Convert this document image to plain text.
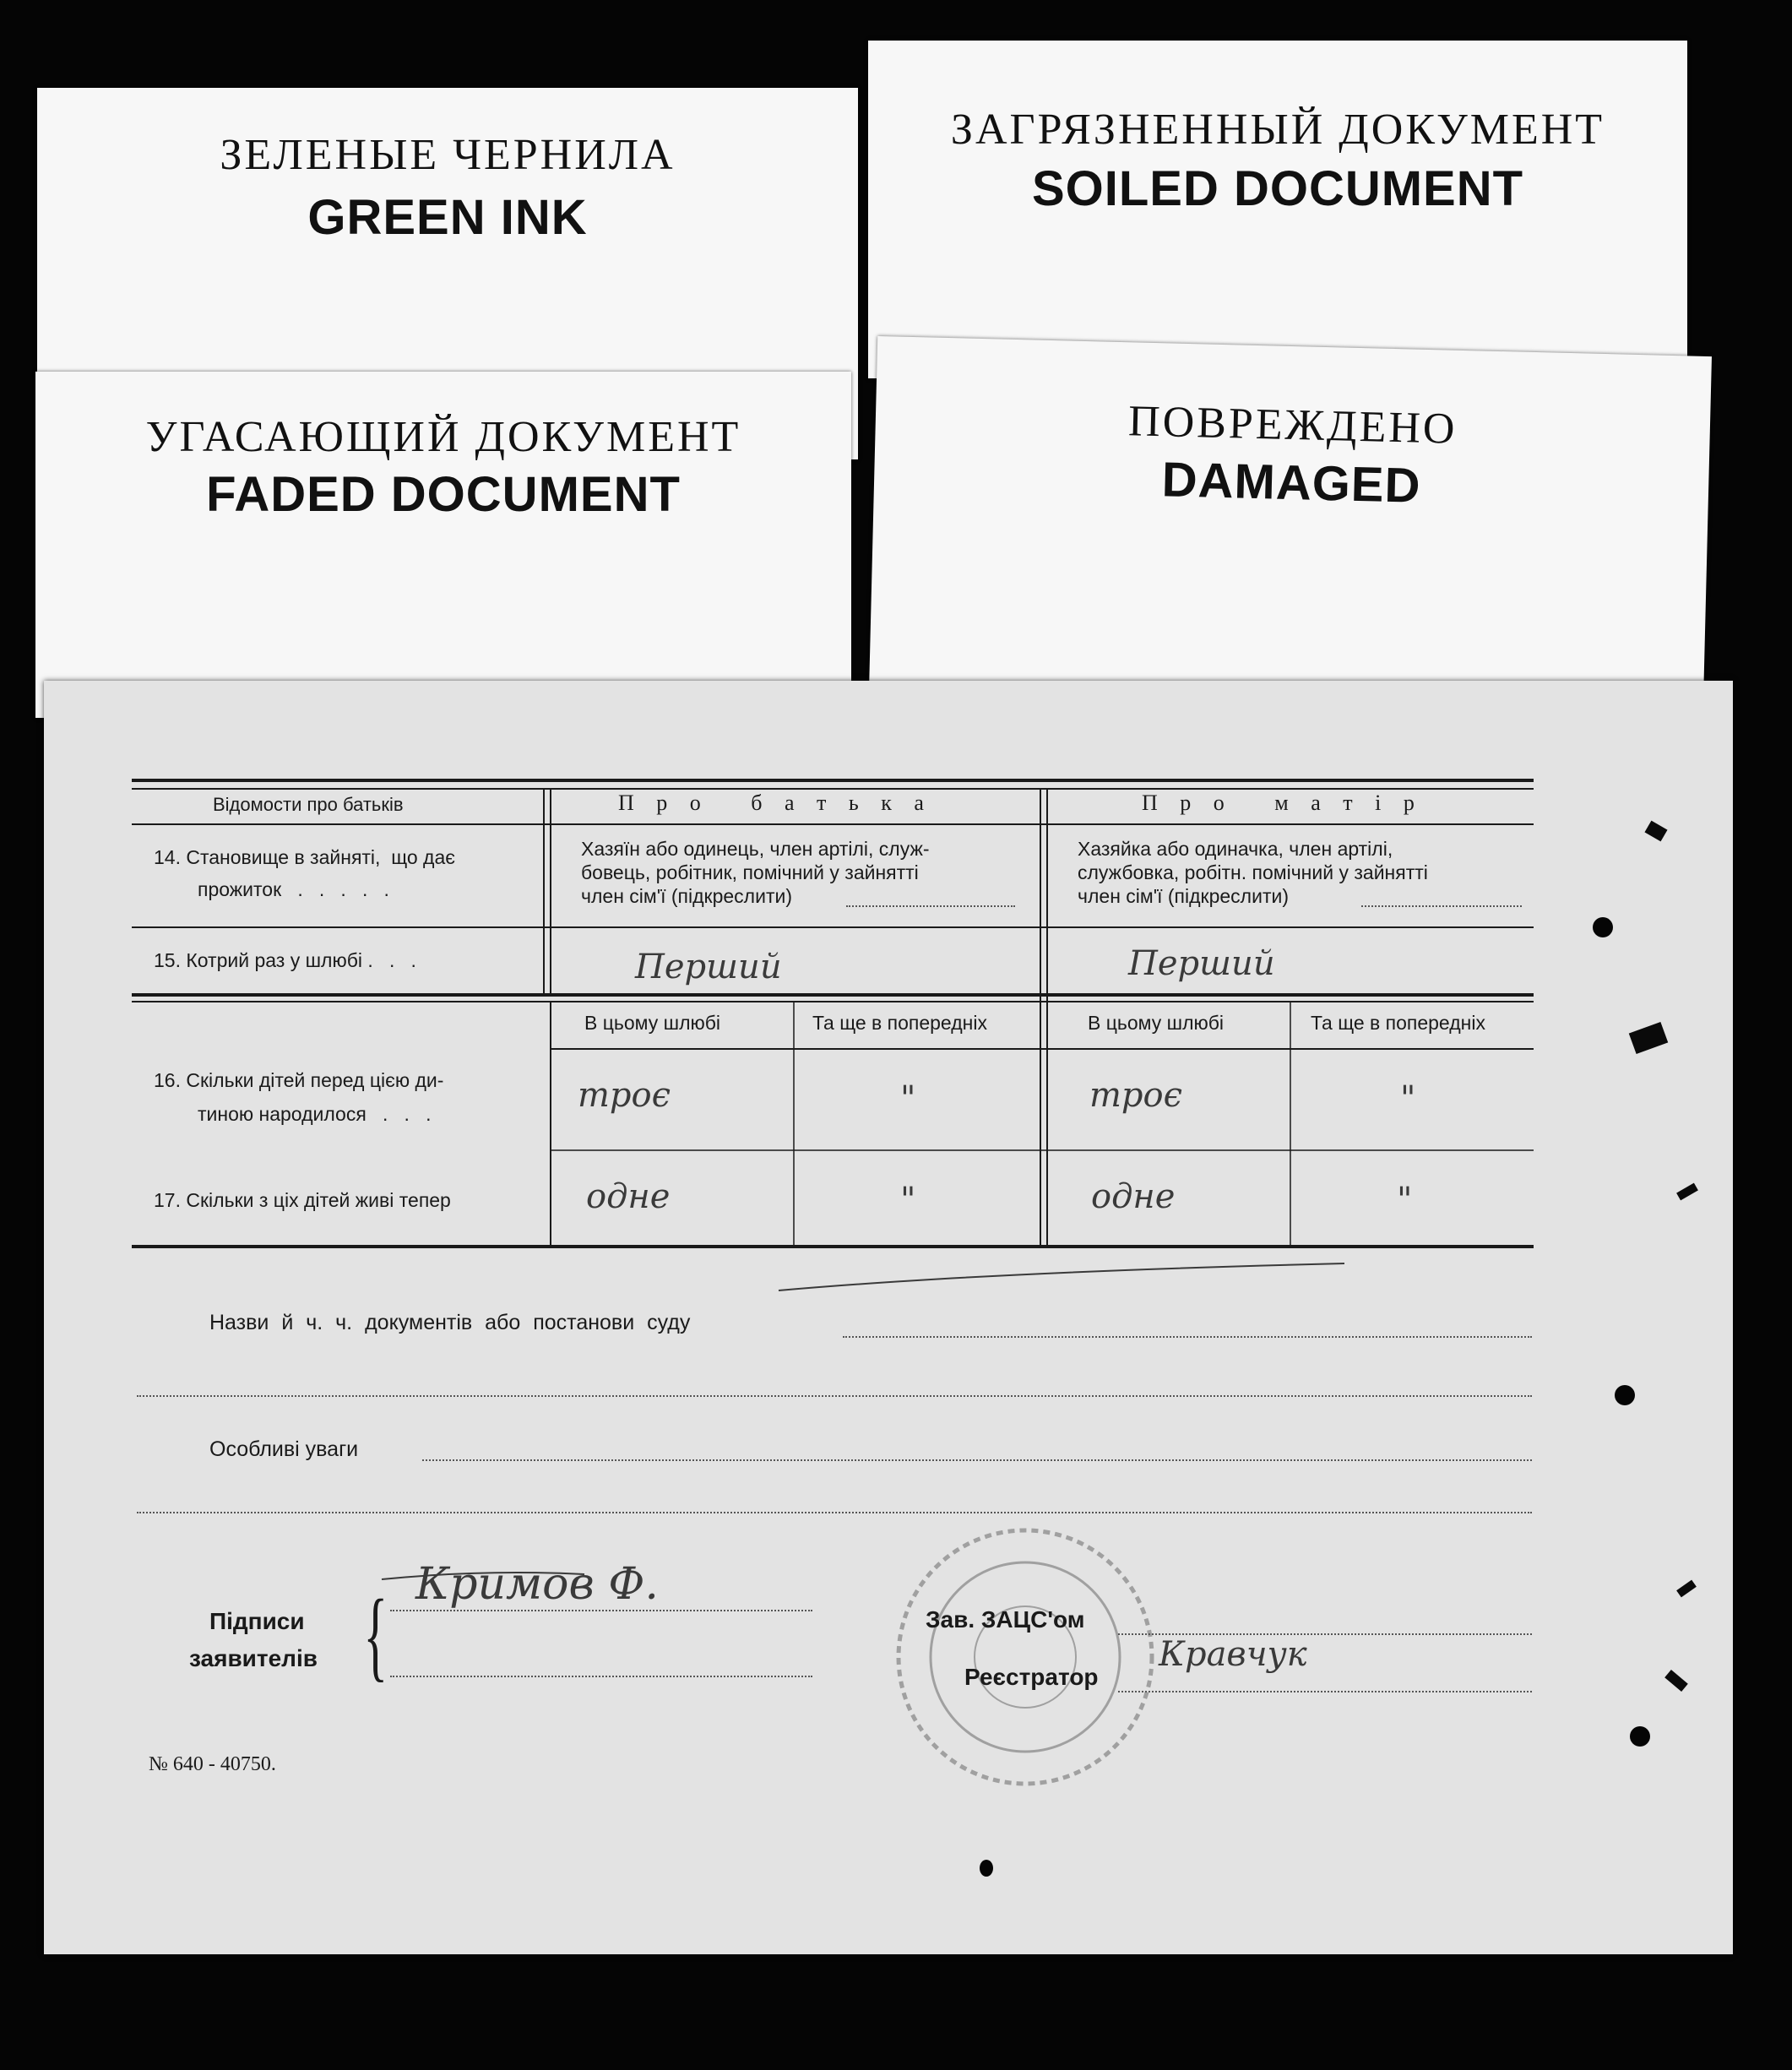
ЗЕЛЕНЫЕ ЧЕРНИЛА
GREEN INK
ЗАГРЯЗНЕННЫЙ ДОКУМЕНТ
SOILED DOCUMENT
УГАСАЮЩИЙ ДОКУМЕНТ
FADED DOCUMENT
ПОВРЕЖДЕНО
DAMAGED
Відомости про батьків	П р о   б а т ь к а	П р о   м а т і р
14. Становище в зайняті,  що дає
прожиток   .   .   .   .   .
Хазяїн або одинець, член артілі, служ-
бовець, робітник, помічний у зайнятті
член сім'ї (підкреслити)
Хазяйка або одиначка, член артілі,
службовка, робітн. помічний у зайнятті
член сім'ї (підкреслити)
15. Котрий раз у шлюбі .   .   .	Перший	Перший
В цьому шлюбі	Та ще в попередніх	В цьому шлюбі	Та ще в попередніх
16. Скільки дітей перед цією ди-
тиною народилося   .   .   .	троє	"	троє	"
17. Скільки з ціх дітей живі тепер	одне	"	одне	"
Назви й ч. ч. документів або постанови суду
Особливі уваги
Підписи
заявителів { Кримов Ф.
Зав. ЗАЦС'ом
Реєстратор
Кравчук
№ 640 - 40750.
